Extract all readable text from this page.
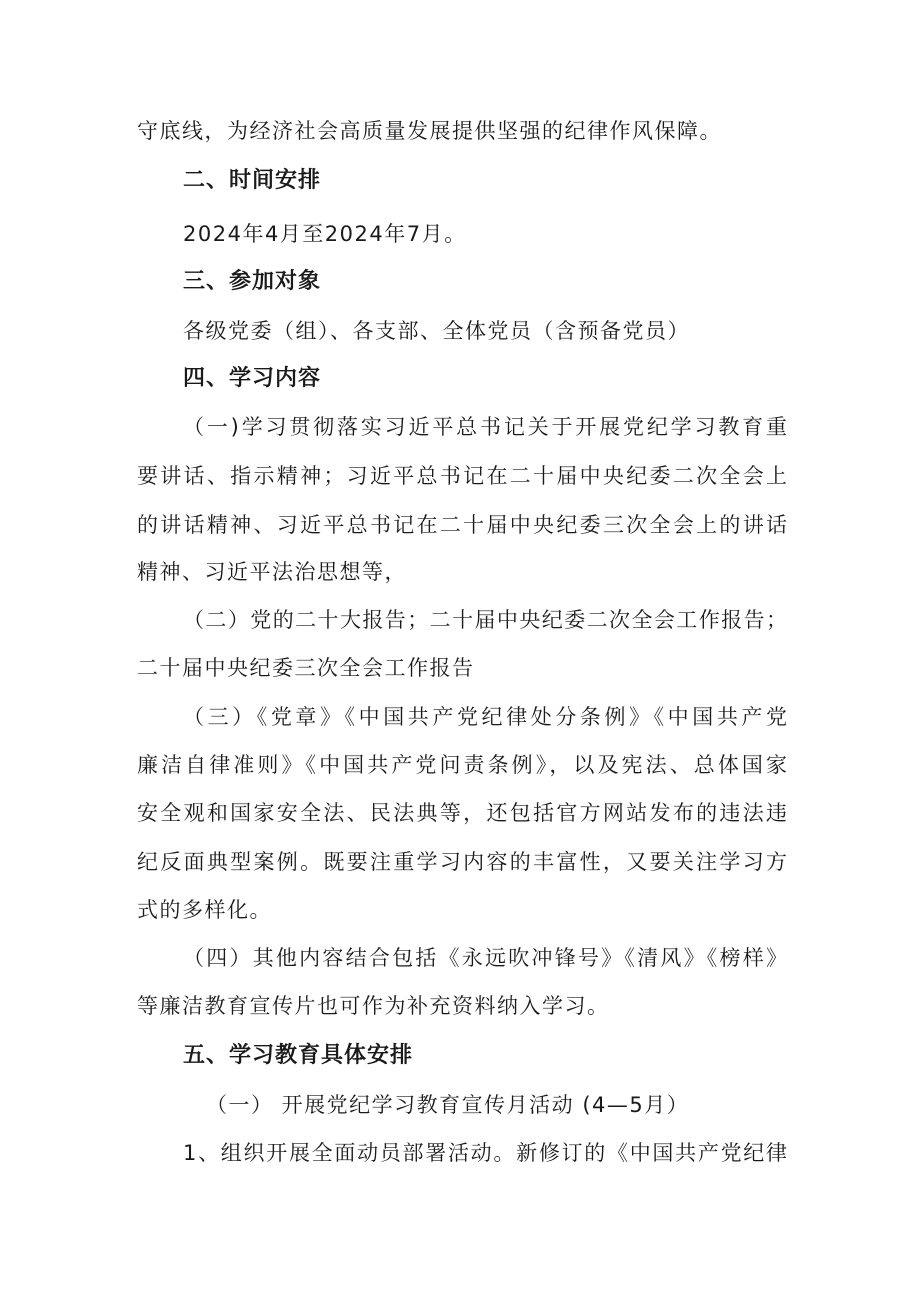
守底线，为经济社会高质量发展提供坚强的纪律作风保障。
二、时间安排
2024年4月至2024年7月。
三、参加对象
各级党委（组）、各支部、全体党员（含预备党员）
四、学习内容
（一)学习贯彻落实习近平总书记关于开展党纪学习教育重
要讲话、指示精神；习近平总书记在二十届中央纪委二次全会上
的讲话精神、习近平总书记在二十届中央纪委三次全会上的讲话
精神、习近平法治思想等，
（二）党的二十大报告；二十届中央纪委二次全会工作报告；
二十届中央纪委三次全会工作报告
（三）《党章》《中国共产党纪律处分条例》《中国共产党
廉洁自律准则》《中国共产党问责条例》，以及宪法、总体国家
安全观和国家安全法、民法典等，还包括官方网站发布的违法违
纪反面典型案例。既要注重学习内容的丰富性，又要关注学习方
式的多样化。
（四）其他内容结合包括《永远吹冲锋号》《清风》《榜样》
等廉洁教育宣传片也可作为补充资料纳入学习。
五、学习教育具体安排
（一） 开展党纪学习教育宣传月活动 (4—5月）
1、组织开展全面动员部署活动。新修订的《中国共产党纪律
